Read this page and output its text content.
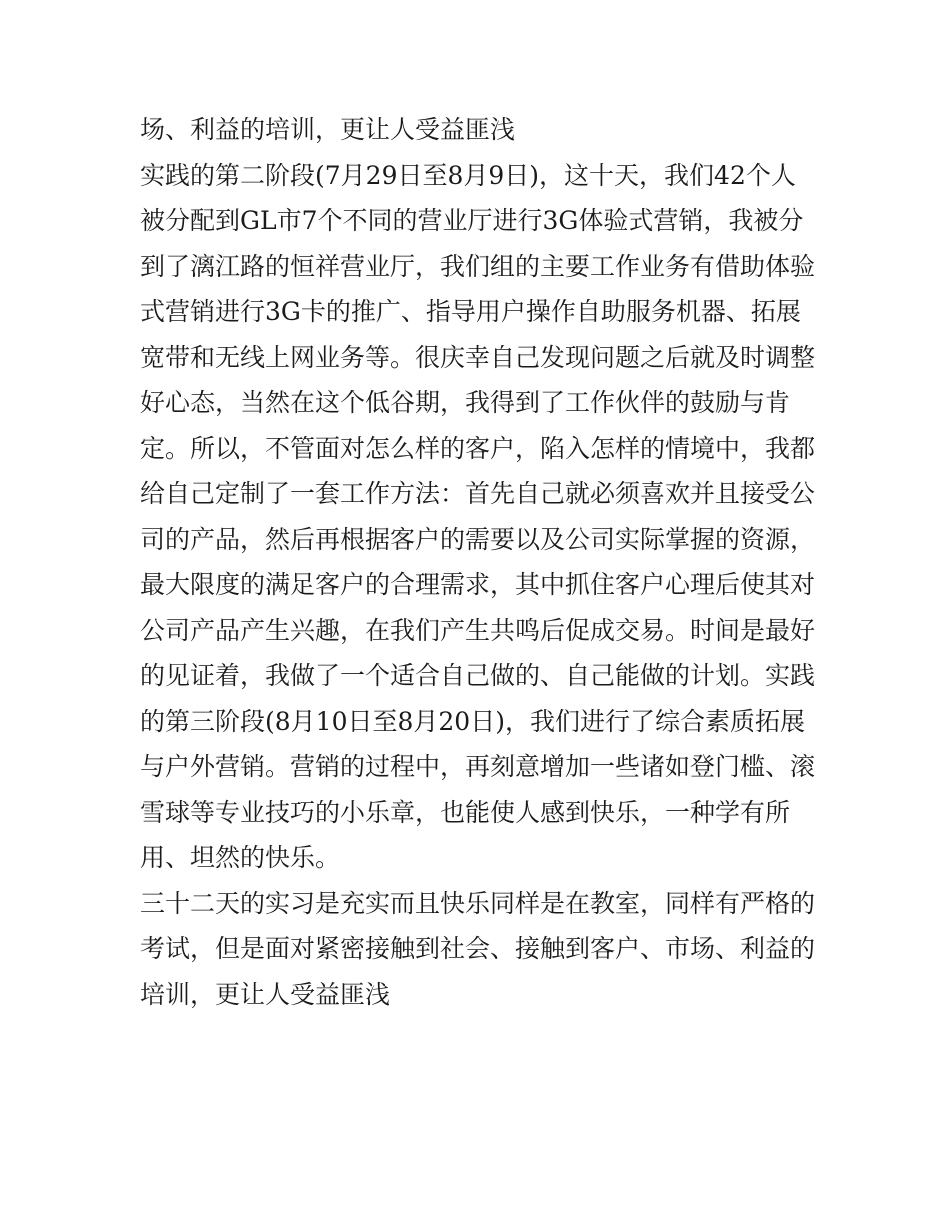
场、利益的培训，更让人受益匪浅
实践的第二阶段(7月29日至8月9日)，这十天，我们42个人
被分配到GL市7个不同的营业厅进行3G体验式营销，我被分
到了漓江路的恒祥营业厅，我们组的主要工作业务有借助体验
式营销进行3G卡的推广、指导用户操作自助服务机器、拓展
宽带和无线上网业务等。很庆幸自己发现问题之后就及时调整
好心态，当然在这个低谷期，我得到了工作伙伴的鼓励与肯
定。所以，不管面对怎么样的客户，陷入怎样的情境中，我都
给自己定制了一套工作方法：首先自己就必须喜欢并且接受公
司的产品，然后再根据客户的需要以及公司实际掌握的资源，
最大限度的满足客户的合理需求，其中抓住客户心理后使其对
公司产品产生兴趣，在我们产生共鸣后促成交易。时间是最好
的见证着，我做了一个适合自己做的、自己能做的计划。实践
的第三阶段(8月10日至8月20日)，我们进行了综合素质拓展
与户外营销。营销的过程中，再刻意增加一些诸如登门槛、滚
雪球等专业技巧的小乐章，也能使人感到快乐，一种学有所
用、坦然的快乐。
三十二天的实习是充实而且快乐同样是在教室，同样有严格的
考试，但是面对紧密接触到社会、接触到客户、市场、利益的
培训，更让人受益匪浅
